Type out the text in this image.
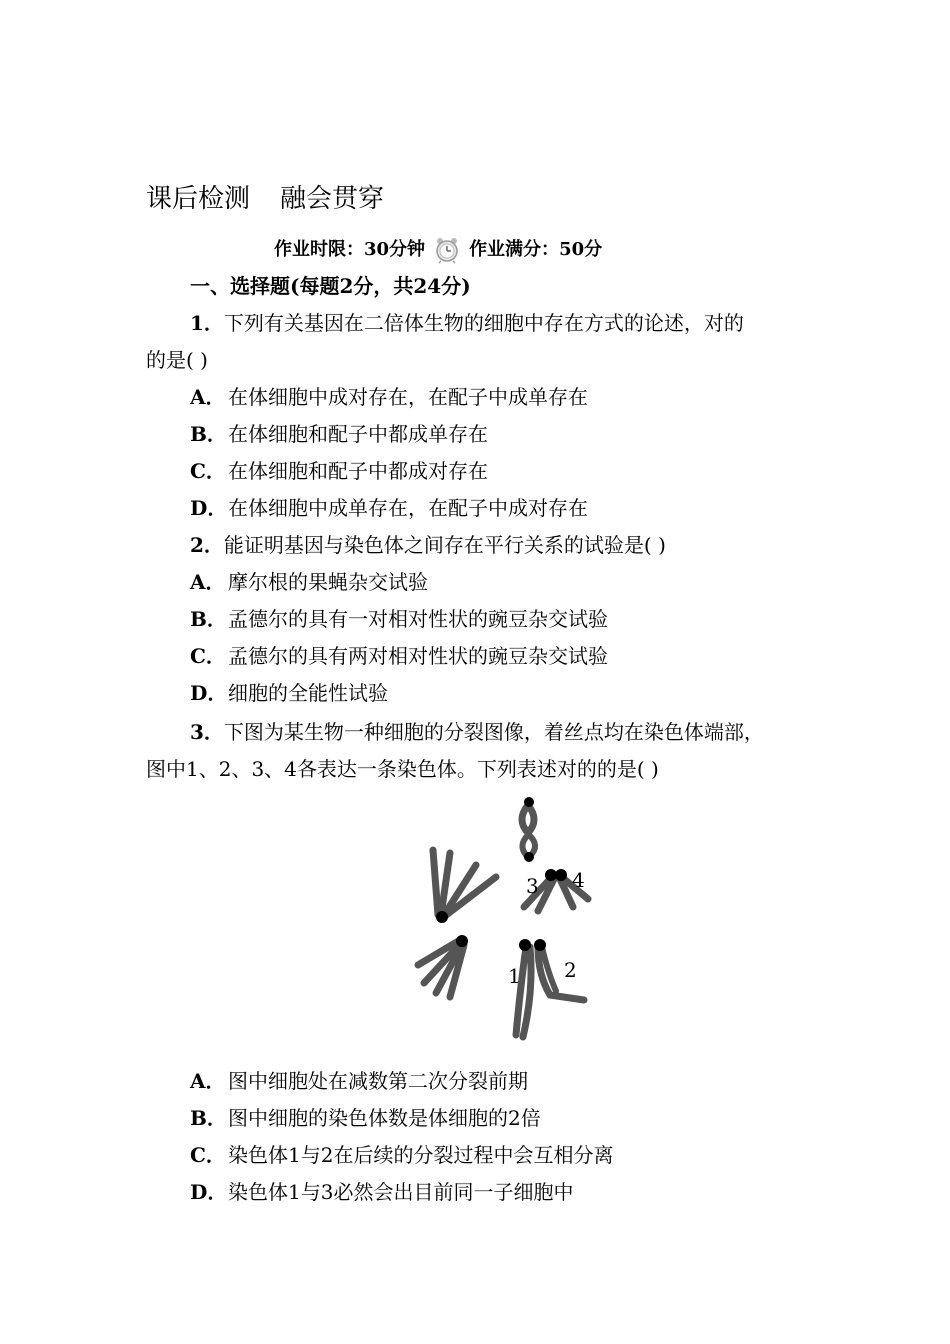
课后检测 融会贯穿
作业时限： 30分钟 作业满分： 50分
一、选择题(每题2分，共24分)
1．下列有关基因在二倍体生物的细胞中存在方式的论述，对的
的是( )
A． 在体细胞中成对存在，在配子中成单存在
B．在体细胞和配子中都成单存在
C． 在体细胞和配子中都成对存在
D．在体细胞中成单存在，在配子中成对存在
2．能证明基因与染色体之间存在平行关系的试验是( )
A． 摩尔根的果蝇杂交试验
B．孟德尔的具有一对相对性状的豌豆杂交试验
C． 孟德尔的具有两对相对性状的豌豆杂交试验
D．细胞的全能性试验
3．下图为某生物一种细胞的分裂图像，着丝点均在染色体端部，
图中1、2、3、4各表达一条染色体。下列表述对的的是( )
1 2
3 4
A． 图中细胞处在减数第二次分裂前期
B．图中细胞的染色体数是体细胞的2倍
C． 染色体1与2在后续的分裂过程中会互相分离
D．染色体1与3必然会出目前同一子细胞中
